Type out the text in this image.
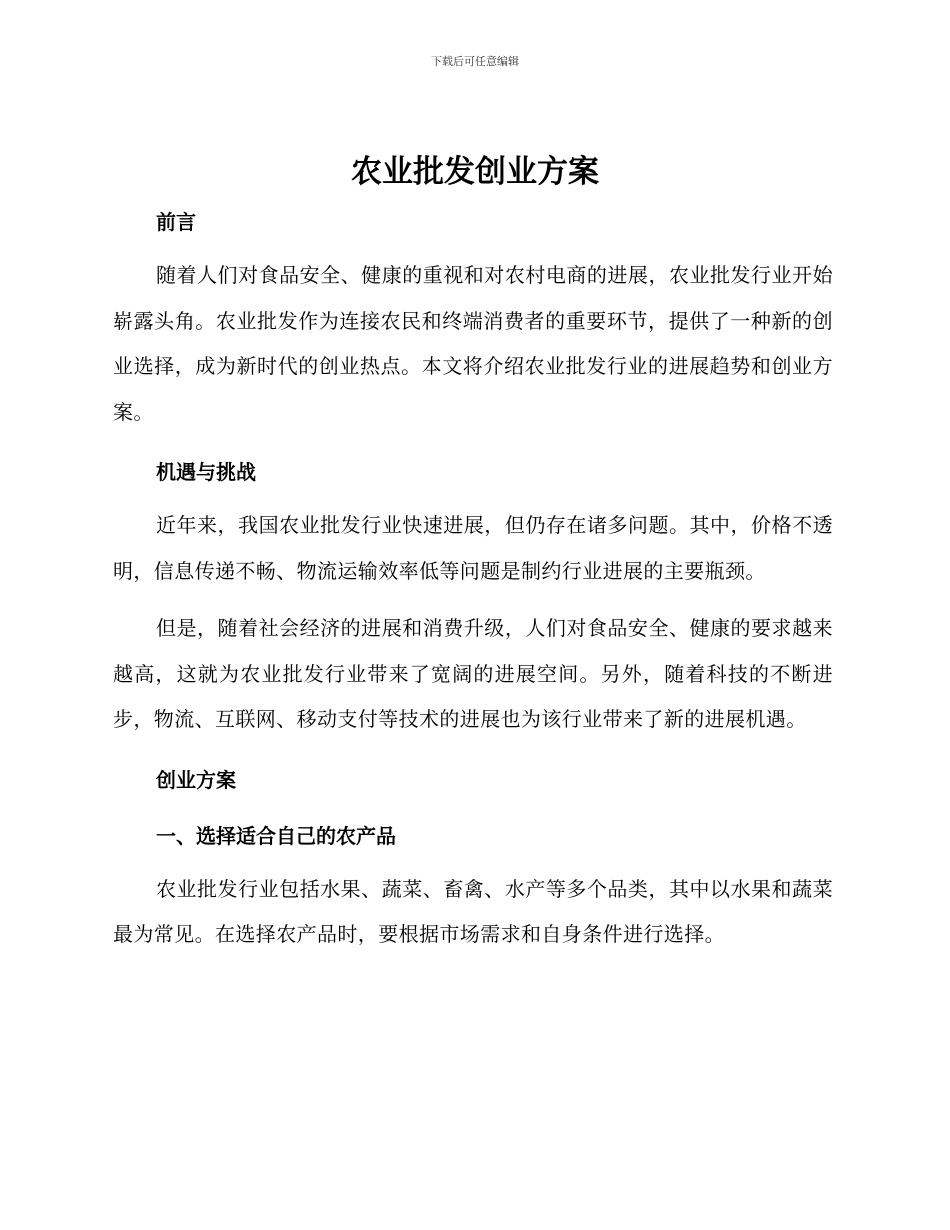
下载后可任意编辑
农业批发创业方案

前言

随着人们对食品安全、健康的重视和对农村电商的进展，农业批发行业开始崭露头角。农业批发作为连接农民和终端消费者的重要环节，提供了一种新的创业选择，成为新时代的创业热点。本文将介绍农业批发行业的进展趋势和创业方案。

机遇与挑战

近年来，我国农业批发行业快速进展，但仍存在诸多问题。其中，价格不透明，信息传递不畅、物流运输效率低等问题是制约行业进展的主要瓶颈。

但是，随着社会经济的进展和消费升级，人们对食品安全、健康的要求越来越高，这就为农业批发行业带来了宽阔的进展空间。另外，随着科技的不断进步，物流、互联网、移动支付等技术的进展也为该行业带来了新的进展机遇。

创业方案

一、选择适合自己的农产品

农业批发行业包括水果、蔬菜、畜禽、水产等多个品类，其中以水果和蔬菜最为常见。在选择农产品时，要根据市场需求和自身条件进行选择。
